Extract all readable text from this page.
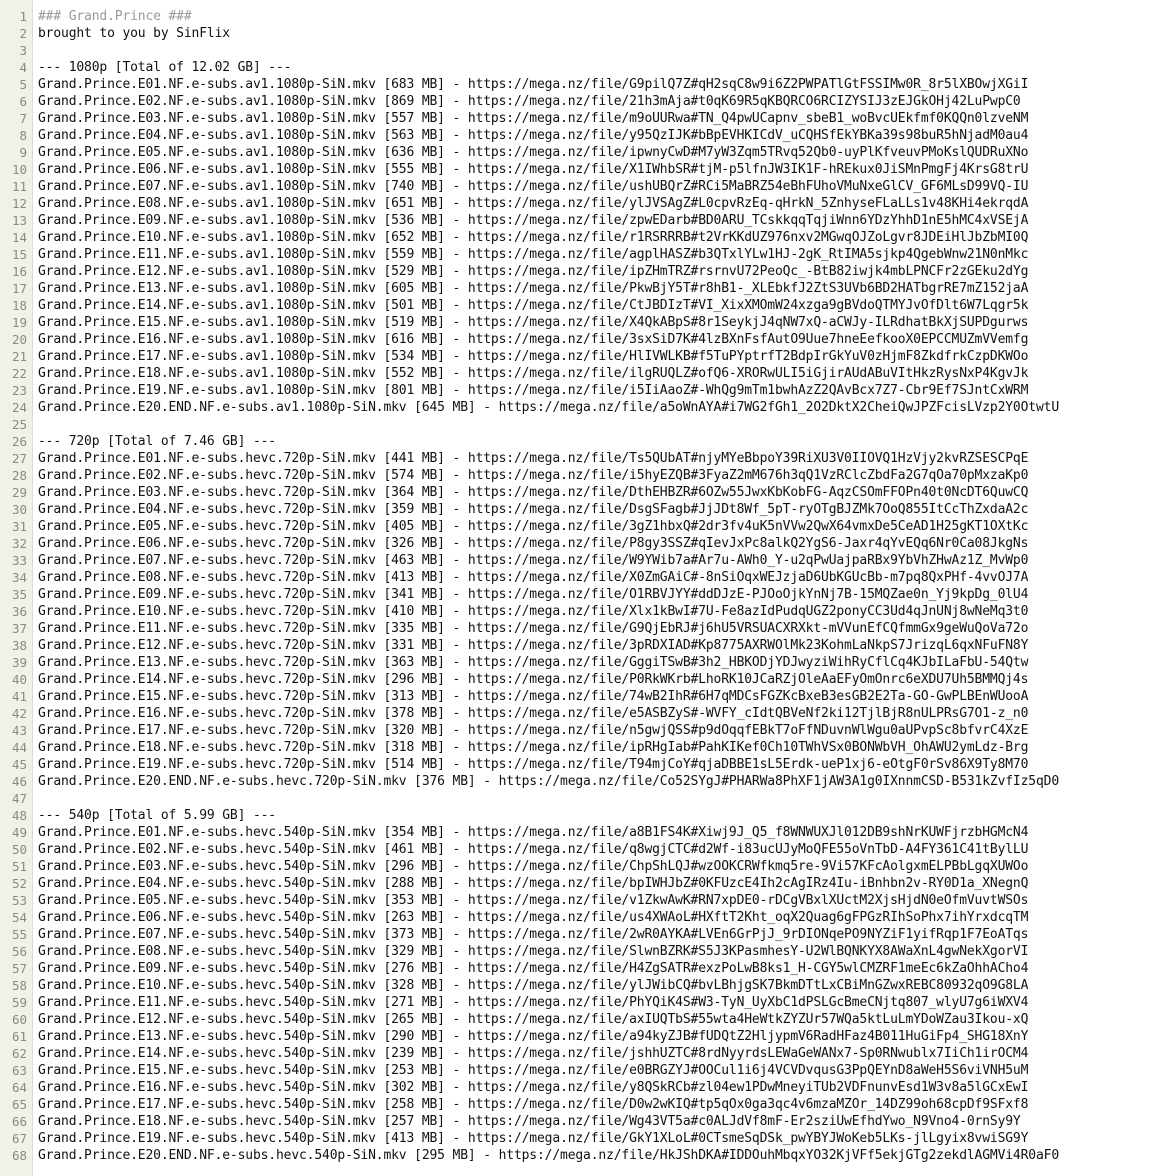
1 ### Grand.Prince ###
2 brought to you by SinFlix
3
4 --- 1080p [Total of 12.02 GB] ---
5 Grand.Prince.E01.NF.e-subs.av1.1080p-SiN.mkv [683 MB] - https://mega.nz/file/G9pilQ7Z#qH2sqC8w9i6Z2PWPATlGtFSSIMw0R_8r5lXBOwjXGiI
6 Grand.Prince.E02.NF.e-subs.av1.1080p-SiN.mkv [869 MB] - https://mega.nz/file/21h3mAja#t0qK69R5qKBQRCO6RCIZYSIJ3zEJGkOHj42LuPwpC0
7 Grand.Prince.E03.NF.e-subs.av1.1080p-SiN.mkv [557 MB] - https://mega.nz/file/m9oUURwa#TN_Q4pwUCapnv_sbeB1_woBvcUEkfmf0KQQn0lzveNM
8 Grand.Prince.E04.NF.e-subs.av1.1080p-SiN.mkv [563 MB] - https://mega.nz/file/y95QzIJK#bBpEVHKICdV_uCQHSfEkYBKa39s98buR5hNjadM0au4
9 Grand.Prince.E05.NF.e-subs.av1.1080p-SiN.mkv [636 MB] - https://mega.nz/file/ipwnyCwD#M7yW3Zqm5TRvq52Qb0-uyPlKfveuvPMoKslQUDRuXNo
10 Grand.Prince.E06.NF.e-subs.av1.1080p-SiN.mkv [555 MB] - https://mega.nz/file/X1IWhbSR#tjM-p5lfnJW3IK1F-hREkux0JiSMnPmgFj4KrsG8trU
11 Grand.Prince.E07.NF.e-subs.av1.1080p-SiN.mkv [740 MB] - https://mega.nz/file/ushUBQrZ#RCi5MaBRZ54eBhFUhoVMuNxeGlCV_GF6MLsD99VQ-IU
12 Grand.Prince.E08.NF.e-subs.av1.1080p-SiN.mkv [651 MB] - https://mega.nz/file/ylJVSAgZ#L0cpvRzEq-qHrkN_5ZnhyseFLaLLs1v48KHi4ekrqdA
13 Grand.Prince.E09.NF.e-subs.av1.1080p-SiN.mkv [536 MB] - https://mega.nz/file/zpwEDarb#BD0ARU_TCskkqqTqjiWnn6YDzYhhD1nE5hMC4xVSEjA
14 Grand.Prince.E10.NF.e-subs.av1.1080p-SiN.mkv [652 MB] - https://mega.nz/file/r1RSRRRB#t2VrKKdUZ976nxv2MGwqOJZoLgvr8JDEiHlJbZbMI0Q
15 Grand.Prince.E11.NF.e-subs.av1.1080p-SiN.mkv [559 MB] - https://mega.nz/file/agplHASZ#b3QTxlYLw1HJ-2gK_RtIMA5sjkp4QgebWnw21N0nMkc
16 Grand.Prince.E12.NF.e-subs.av1.1080p-SiN.mkv [529 MB] - https://mega.nz/file/ipZHmTRZ#rsrnvU72PeoQc_-BtB82iwjk4mbLPNCFr2zGEku2dYg
17 Grand.Prince.E13.NF.e-subs.av1.1080p-SiN.mkv [605 MB] - https://mega.nz/file/PkwBjY5T#r8hB1-_XLEbkfJ2ZtS3UVb6BD2HATbgrRE7mZ152jaA
18 Grand.Prince.E14.NF.e-subs.av1.1080p-SiN.mkv [501 MB] - https://mega.nz/file/CtJBDIzT#VI_XixXMOmW24xzga9gBVdoQTMYJvOfDlt6W7Lqgr5k
19 Grand.Prince.E15.NF.e-subs.av1.1080p-SiN.mkv [519 MB] - https://mega.nz/file/X4QkABpS#8r1SeykjJ4qNW7xQ-aCWJy-ILRdhatBkXjSUPDgurws
20 Grand.Prince.E16.NF.e-subs.av1.1080p-SiN.mkv [616 MB] - https://mega.nz/file/3sxSiD7K#4lzBXnFsfAutO9Uue7hneEefkooX0EPCCMUZmVVemfg
21 Grand.Prince.E17.NF.e-subs.av1.1080p-SiN.mkv [534 MB] - https://mega.nz/file/HlIVWLKB#f5TuPYptrfT2BdpIrGkYuV0zHjmF8ZkdfrkCzpDKWOo
22 Grand.Prince.E18.NF.e-subs.av1.1080p-SiN.mkv [552 MB] - https://mega.nz/file/ilgRUQLZ#ofQ6-XRORwULI5iGjirAUdABuVItHkzRysNxP4KgvJk
23 Grand.Prince.E19.NF.e-subs.av1.1080p-SiN.mkv [801 MB] - https://mega.nz/file/i5IiAaoZ#-WhQg9mTm1bwhAzZ2QAvBcx7Z7-Cbr9Ef7SJntCxWRM
24 Grand.Prince.E20.END.NF.e-subs.av1.1080p-SiN.mkv [645 MB] - https://mega.nz/file/a5oWnAYA#i7WG2fGh1_2O2DktX2CheiQwJPZFcisLVzp2Y0OtwtU
25
26 --- 720p [Total of 7.46 GB] ---
27 Grand.Prince.E01.NF.e-subs.hevc.720p-SiN.mkv [441 MB] - https://mega.nz/file/Ts5QUbAT#njyMYeBbpoY39RiXU3V0IIOVQ1HzVjy2kvRZSESCPqE
28 Grand.Prince.E02.NF.e-subs.hevc.720p-SiN.mkv [574 MB] - https://mega.nz/file/i5hyEZQB#3FyaZ2mM676h3qQ1VzRClcZbdFa2G7qOa70pMxzaKp0
29 Grand.Prince.E03.NF.e-subs.hevc.720p-SiN.mkv [364 MB] - https://mega.nz/file/DthEHBZR#6OZw55JwxKbKobFG-AqzCSOmFFOPn40t0NcDT6QuwCQ
30 Grand.Prince.E04.NF.e-subs.hevc.720p-SiN.mkv [359 MB] - https://mega.nz/file/DsgSFagb#JjJDt8Wf_5pT-ryOTgBJZMk7OoQ855ItCcThZxdaA2c
31 Grand.Prince.E05.NF.e-subs.hevc.720p-SiN.mkv [405 MB] - https://mega.nz/file/3gZ1hbxQ#2dr3fv4uK5nVVw2QwX64vmxDe5CeAD1H25gKT1OXtKc
32 Grand.Prince.E06.NF.e-subs.hevc.720p-SiN.mkv [326 MB] - https://mega.nz/file/P8gy3SSZ#qIevJxPc8alkQ2YgS6-Jaxr4qYvEQq6Nr0Ca08JkgNs
33 Grand.Prince.E07.NF.e-subs.hevc.720p-SiN.mkv [463 MB] - https://mega.nz/file/W9YWib7a#Ar7u-AWh0_Y-u2qPwUajpaRBx9YbVhZHwAz1Z_MvWp0
34 Grand.Prince.E08.NF.e-subs.hevc.720p-SiN.mkv [413 MB] - https://mega.nz/file/X0ZmGAiC#-8nSiOqxWEJzjaD6UbKGUcBb-m7pq8QxPHf-4vvOJ7A
35 Grand.Prince.E09.NF.e-subs.hevc.720p-SiN.mkv [341 MB] - https://mega.nz/file/O1RBVJYY#ddDJzE-PJOoOjkYnNj7B-15MQZae0n_Yj9kpDg_0lU4
36 Grand.Prince.E10.NF.e-subs.hevc.720p-SiN.mkv [410 MB] - https://mega.nz/file/Xlx1kBwI#7U-Fe8azIdPudqUGZ2ponyCC3Ud4qJnUNj8wNeMq3t0
37 Grand.Prince.E11.NF.e-subs.hevc.720p-SiN.mkv [335 MB] - https://mega.nz/file/G9QjEbRJ#j6hU5VRSUACXRXkt-mVVunEfCQfmmGx9geWuQoVa72o
38 Grand.Prince.E12.NF.e-subs.hevc.720p-SiN.mkv [331 MB] - https://mega.nz/file/3pRDXIAD#Kp8775AXRWOlMk23KohmLaNkpS7JrizqL6qxNFuFN8Y
39 Grand.Prince.E13.NF.e-subs.hevc.720p-SiN.mkv [363 MB] - https://mega.nz/file/GggiTSwB#3h2_HBKODjYDJwyziWihRyCflCq4KJbILaFbU-54Qtw
40 Grand.Prince.E14.NF.e-subs.hevc.720p-SiN.mkv [296 MB] - https://mega.nz/file/P0RkWKrb#LhoRK10JCaRZjOleAaEFyOmOnrc6eXDU7Uh5BMMQj4s
41 Grand.Prince.E15.NF.e-subs.hevc.720p-SiN.mkv [313 MB] - https://mega.nz/file/74wB2IhR#6H7qMDCsFGZKcBxeB3esGB2E2Ta-GO-GwPLBEnWUooA
42 Grand.Prince.E16.NF.e-subs.hevc.720p-SiN.mkv [378 MB] - https://mega.nz/file/e5ASBZyS#-WVFY_cIdtQBVeNf2ki12TjlBjR8nULPRsG7O1-z_n0
43 Grand.Prince.E17.NF.e-subs.hevc.720p-SiN.mkv [320 MB] - https://mega.nz/file/n5gwjQSS#p9dOqqfEBkT7oFfNDuvnWlWgu0aUPvpSc8bfvrC4XzE
44 Grand.Prince.E18.NF.e-subs.hevc.720p-SiN.mkv [318 MB] - https://mega.nz/file/ipRHgIab#PahKIKef0Ch10TWhVSx0BONWbVH_OhAWU2ymLdz-Brg
45 Grand.Prince.E19.NF.e-subs.hevc.720p-SiN.mkv [514 MB] - https://mega.nz/file/T94mjCoY#qjaDBBE1sL5Erdk-ueP1xj6-eOtgF0rSv86X9Ty8M70
46 Grand.Prince.E20.END.NF.e-subs.hevc.720p-SiN.mkv [376 MB] - https://mega.nz/file/Co52SYgJ#PHARWa8PhXF1jAW3A1g0IXnnmCSD-B531kZvfIz5qD0
47
48 --- 540p [Total of 5.99 GB] ---
49 Grand.Prince.E01.NF.e-subs.hevc.540p-SiN.mkv [354 MB] - https://mega.nz/file/a8B1FS4K#Xiwj9J_Q5_f8WNWUXJl012DB9shNrKUWFjrzbHGMcN4
50 Grand.Prince.E02.NF.e-subs.hevc.540p-SiN.mkv [461 MB] - https://mega.nz/file/q8wgjCTC#d2Wf-i83ucUJyMoQFE55oVnTbD-A4FY361C41tBylLU
51 Grand.Prince.E03.NF.e-subs.hevc.540p-SiN.mkv [296 MB] - https://mega.nz/file/ChpShLQJ#wzOOKCRWfkmq5re-9Vi57KFcAolgxmELPBbLgqXUWOo
52 Grand.Prince.E04.NF.e-subs.hevc.540p-SiN.mkv [288 MB] - https://mega.nz/file/bpIWHJbZ#0KFUzcE4Ih2cAgIRz4Iu-iBnhbn2v-RY0D1a_XNegnQ
53 Grand.Prince.E05.NF.e-subs.hevc.540p-SiN.mkv [353 MB] - https://mega.nz/file/v1ZkwAwK#RN7xpDE0-rDCgVBxlXUctM2XjsHjdN0eOfmVuvtWSOs
54 Grand.Prince.E06.NF.e-subs.hevc.540p-SiN.mkv [263 MB] - https://mega.nz/file/us4XWAoL#HXftT2Kht_oqX2Quag6gFPGzRIhSoPhx7ihYrxdcqTM
55 Grand.Prince.E07.NF.e-subs.hevc.540p-SiN.mkv [373 MB] - https://mega.nz/file/2wR0AYKA#LVEn6GrPjJ_9rDIONqePO9NYZiF1yifRqp1F7EoATqs
56 Grand.Prince.E08.NF.e-subs.hevc.540p-SiN.mkv [329 MB] - https://mega.nz/file/SlwnBZRK#S5J3KPasmhesY-U2WlBQNKYX8AWaXnL4gwNekXgorVI
57 Grand.Prince.E09.NF.e-subs.hevc.540p-SiN.mkv [276 MB] - https://mega.nz/file/H4ZgSATR#exzPoLwB8ks1_H-CGY5wlCMZRF1meEc6kZaOhhACho4
58 Grand.Prince.E10.NF.e-subs.hevc.540p-SiN.mkv [328 MB] - https://mega.nz/file/ylJWibCQ#bvLBhjgSK7BkmDTtLxCBiMnGZwxREBC80932qO9G8LA
59 Grand.Prince.E11.NF.e-subs.hevc.540p-SiN.mkv [271 MB] - https://mega.nz/file/PhYQiK4S#W3-TyN_UyXbC1dPSLGcBmeCNjtq807_wlyU7g6iWXV4
60 Grand.Prince.E12.NF.e-subs.hevc.540p-SiN.mkv [265 MB] - https://mega.nz/file/axIUQTbS#55wta4HeWtkZYZUr57WQa5ktLuLmYDoWZau3Ikou-xQ
61 Grand.Prince.E13.NF.e-subs.hevc.540p-SiN.mkv [290 MB] - https://mega.nz/file/a94kyZJB#fUDQtZ2HljypmV6RadHFaz4B011HuGiFp4_SHG18XnY
62 Grand.Prince.E14.NF.e-subs.hevc.540p-SiN.mkv [239 MB] - https://mega.nz/file/jshhUZTC#8rdNyyrdsLEWaGeWANx7-Sp0RNwublx7IiCh1irOCM4
63 Grand.Prince.E15.NF.e-subs.hevc.540p-SiN.mkv [253 MB] - https://mega.nz/file/e0BRGZYJ#OOCul1i6j4VCVDvqusG3PpQEYnD8aWeH5S6viVNH5uM
64 Grand.Prince.E16.NF.e-subs.hevc.540p-SiN.mkv [302 MB] - https://mega.nz/file/y8QSkRCb#zl04ew1PDwMneyiTUb2VDFnunvEsd1W3v8a5lGCxEwI
65 Grand.Prince.E17.NF.e-subs.hevc.540p-SiN.mkv [258 MB] - https://mega.nz/file/D0w2wKIQ#tp5qOx0ga3qc4v6mzaMZOr_14DZ99oh68cpDf9SFxf8
66 Grand.Prince.E18.NF.e-subs.hevc.540p-SiN.mkv [257 MB] - https://mega.nz/file/Wg43VT5a#c0ALJdVf8mF-Er2sziUwEfhdYwo_N9Vno4-0rnSy9Y
67 Grand.Prince.E19.NF.e-subs.hevc.540p-SiN.mkv [413 MB] - https://mega.nz/file/GkY1XLoL#0CTsmeSqDSk_pwYBYJWoKeb5LKs-jlLgyix8vwiSG9Y
68 Grand.Prince.E20.END.NF.e-subs.hevc.540p-SiN.mkv [295 MB] - https://mega.nz/file/HkJShDKA#IDDOuhMbqxYO32KjVFf5ekjGTg2zekdlAGMVi4R0aF0
